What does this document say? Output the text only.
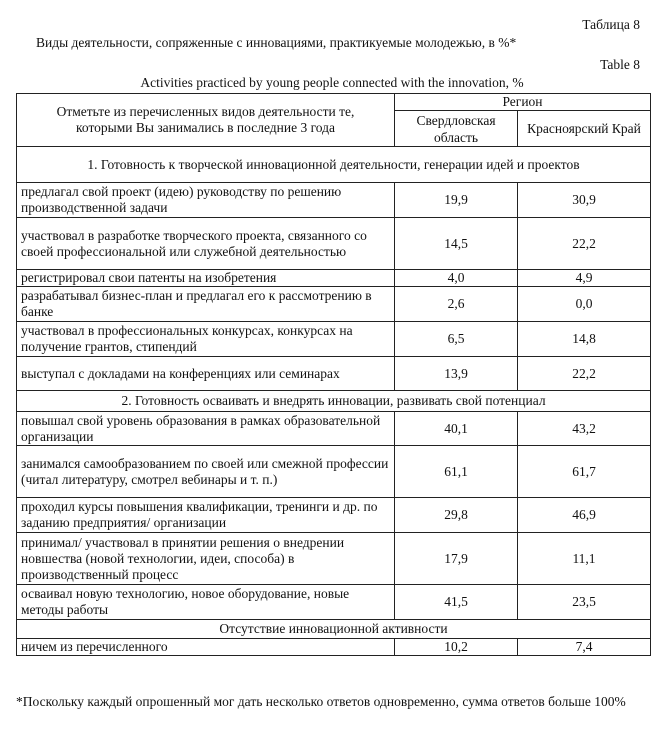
Таблица 8
Виды деятельности, сопряженные с инновациями, практикуемые молодежью, в %*
Table 8
Activities practiced by young people connected with the innovation, %
Отметьте из перечисленных видов деятельности те, которыми Вы занимались в последние 3 года	Регион	
	Свердловская область	Красноярский Край
1. Готовность к творческой инновационной деятельности, генерации идей и проектов		
предлагал свой проект (идею) руководству по решению производственной задачи	19,9	30,9
участвовал в разработке творческого проекта, связанного со своей профессиональной или служебной деятельностью	14,5	22,2
регистрировал свои патенты на изобретения	4,0	4,9
разрабатывал бизнес-план и предлагал его к рассмотрению в банке	2,6	0,0
участвовал в профессиональных конкурсах, конкурсах на получение грантов, стипендий	6,5	14,8
выступал с докладами на конференциях или семинарах	13,9	22,2
2. Готовность осваивать и внедрять инновации, развивать свой потенциал		
повышал свой уровень образования в рамках образовательной организации	40,1	43,2
занимался самообразованием по своей или смежной профессии (читал литературу, смотрел вебинары и т. п.)	61,1	61,7
проходил курсы повышения квалификации, тренинги и др. по заданию предприятия/ организации	29,8	46,9
принимал/ участвовал в принятии решения о внедрении новшества (новой технологии, идеи, способа) в производственный процесс	17,9	11,1
осваивал новую технологию, новое оборудование, новые методы работы	41,5	23,5
Отсутствие инновационной активности		
ничем из перечисленного	10,2	7,4
*Поскольку каждый опрошенный мог дать несколько ответов одновременно, сумма ответов больше 100%
